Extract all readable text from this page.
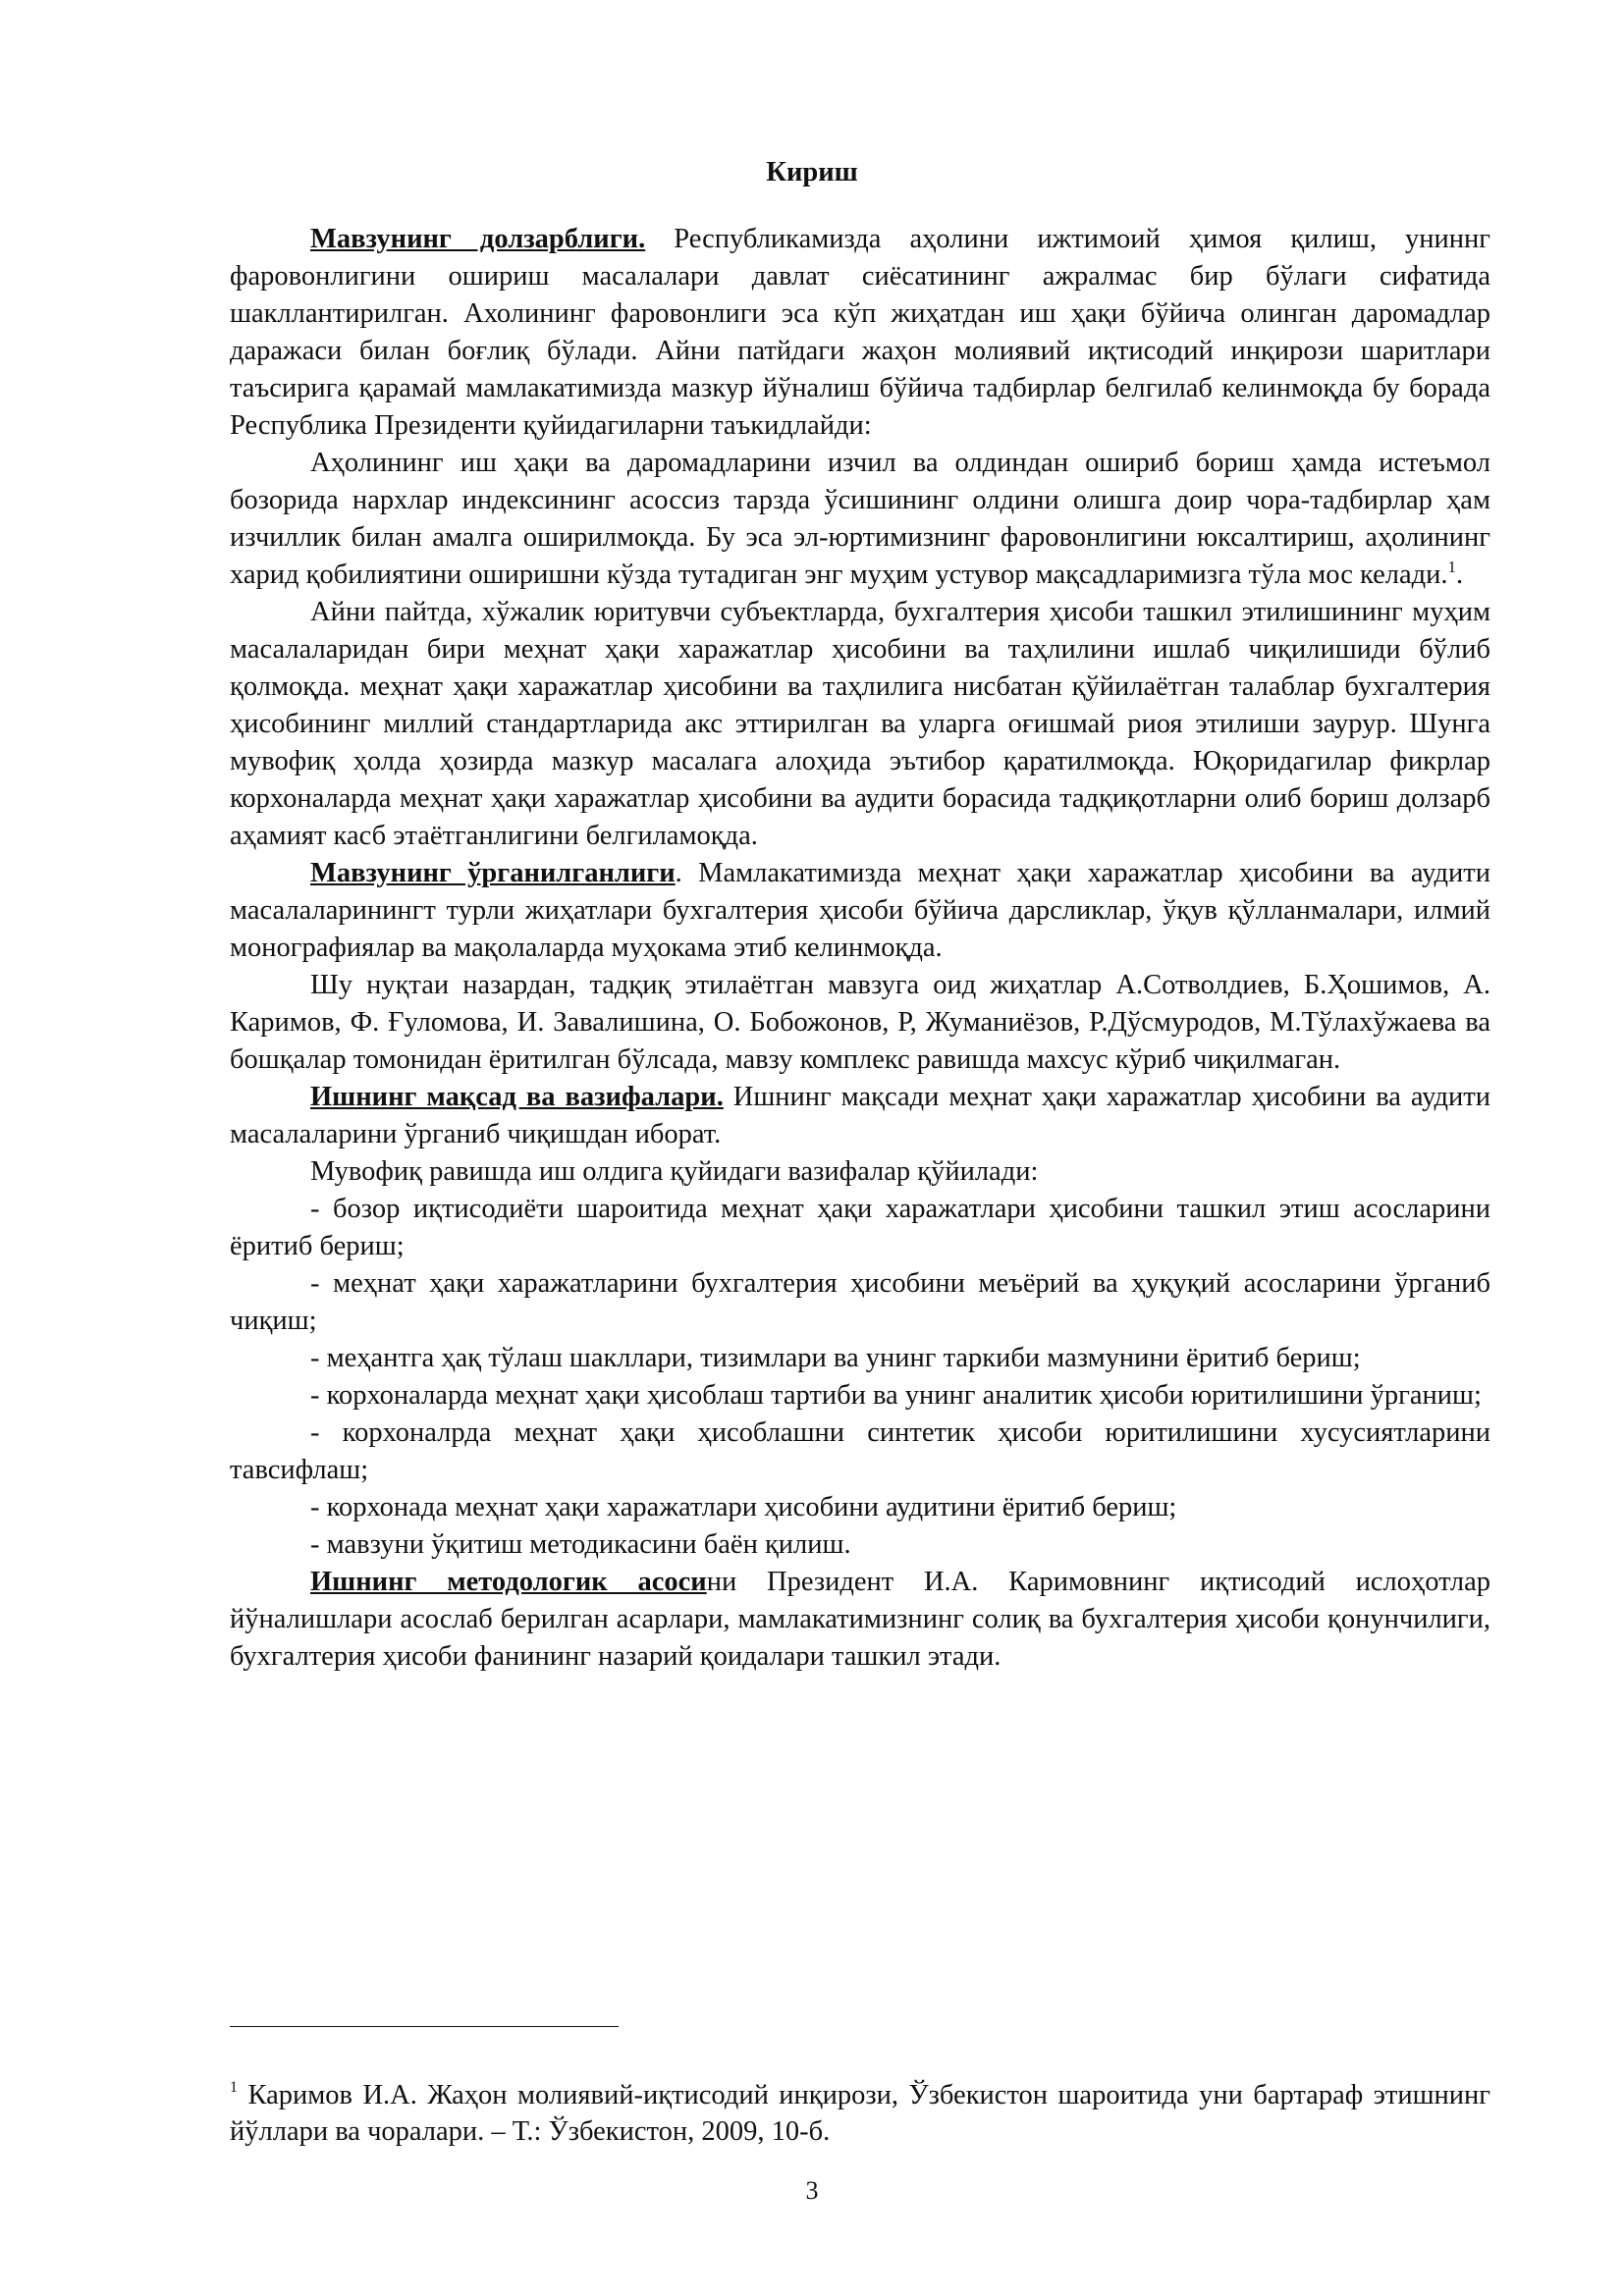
Кириш

Мавзунинг долзарблиги. Республикамизда аҳолини ижтимоий ҳимоя қилиш, униннг фаровонлигини ошириш масалалари давлат сиёсатининг ажралмас бир бўлаги сифатида шакллантирилган. Ахолининг фаровонлиги эса кўп жиҳатдан иш ҳақи бўйича олинган даромадлар даражаси билан боғлиқ бўлади. Айни патйдаги жаҳон молиявий иқтисодий инқирози шаритлари таъсирига қарамай мамлакатимизда мазкур йўналиш бўйича тадбирлар белгилаб келинмоқда бу борада Республика Президенти қуйидагиларни таъкидлайди:

Аҳолининг иш ҳақи ва даромадларини изчил ва олдиндан ошириб бориш ҳамда истеъмол бозорида нархлар индексининг асоссиз тарзда ўсишининг олдини олишга доир чора-тадбирлар ҳам изчиллик билан амалга оширилмоқда. Бу эса эл-юртимизнинг фаровонлигини юксалтириш, аҳолининг харид қобилиятини оширишни кўзда тутадиган энг муҳим устувор мақсадларимизга тўла мос келади.$^1$.

Айни пайтда, хўжалик юритувчи субъектларда, бухгалтерия ҳисоби ташкил этилишининг муҳим масалаларидан бири меҳнат ҳақи харажатлар ҳисобини ва таҳлилини ишлаб чиқилишиди бўлиб қолмоқда. меҳнат ҳақи харажатлар ҳисобини ва таҳлилига нисбатан қўйилаётган талаблар бухгалтерия ҳисобининг миллий стандартларида акс эттирилган ва уларга оғишмай риоя этилиши заурур. Шунга мувофиқ ҳолда ҳозирда мазкур масалага алоҳида эътибор қаратилмоқда. Юқоридагилар фикрлар корхоналарда меҳнат ҳақи харажатлар ҳисобини ва аудити борасида тадқиқотларни олиб бориш долзарб аҳамият касб этаётганлигини белгиламоқда.

Мавзунинг ўрганилганлиги. Мамлакатимизда меҳнат ҳақи харажатлар ҳисобини ва аудити масалаларинингт турли жиҳатлари бухгалтерия ҳисоби бўйича дарсликлар, ўқув қўлланмалари, илмий монографиялар ва мақолаларда муҳокама этиб келинмоқда.

Шу нуқтаи назардан, тадқиқ этилаётган мавзуга оид жиҳатлар А.Сотволдиев, Б.Ҳошимов, А. Каримов, Ф. Ғуломова, И. Завалишина, О. Бобожонов, Р, Жуманиёзов, Р.Дўсмуродов, М.Тўлахўжаева ва бошқалар томонидан ёритилган бўлсада, мавзу комплекс равишда махсус кўриб чиқилмаган.

Ишнинг мақсад ва вазифалари. Ишнинг мақсади меҳнат ҳақи харажатлар ҳисобини ва аудити масалаларини ўрганиб чиқишдан иборат.

Мувофиқ равишда иш олдига қуйидаги вазифалар қўйилади:

- бозор иқтисодиёти шароитида меҳнат ҳақи харажатлари ҳисобини ташкил этиш асосларини ёритиб бериш;

- меҳнат ҳақи харажатларини бухгалтерия ҳисобини меъёрий ва ҳуқуқий асосларини ўрганиб чиқиш;

- меҳантга ҳақ тўлаш шакллари, тизимлари ва унинг таркиби мазмунини ёритиб бериш;

- корхоналарда меҳнат ҳақи ҳисоблаш тартиби ва унинг аналитик ҳисоби юритилишини ўрганиш;

- корхоналрда меҳнат ҳақи ҳисоблашни синтетик ҳисоби юритилишини хусусиятларини тавсифлаш;

- корхонада меҳнат ҳақи харажатлари ҳисобини аудитини ёритиб бериш;

- мавзуни ўқитиш методикасини баён қилиш.

Ишнинг методологик асосини Президент И.А. Каримовнинг иқтисодий ислоҳотлар йўналишлари асослаб берилган асарлари, мамлакатимизнинг солиқ ва бухгалтерия ҳисоби қонунчилиги, бухгалтерия ҳисоби фанининг назарий қоидалари ташкил этади.

$^1$ Каримов И.А. Жаҳон молиявий-иқтисодий инқирози, Ўзбекистон шароитида уни бартараф этишнинг йўллари ва чоралари. – Т.: Ўзбекистон, 2009, 10-б.
3
